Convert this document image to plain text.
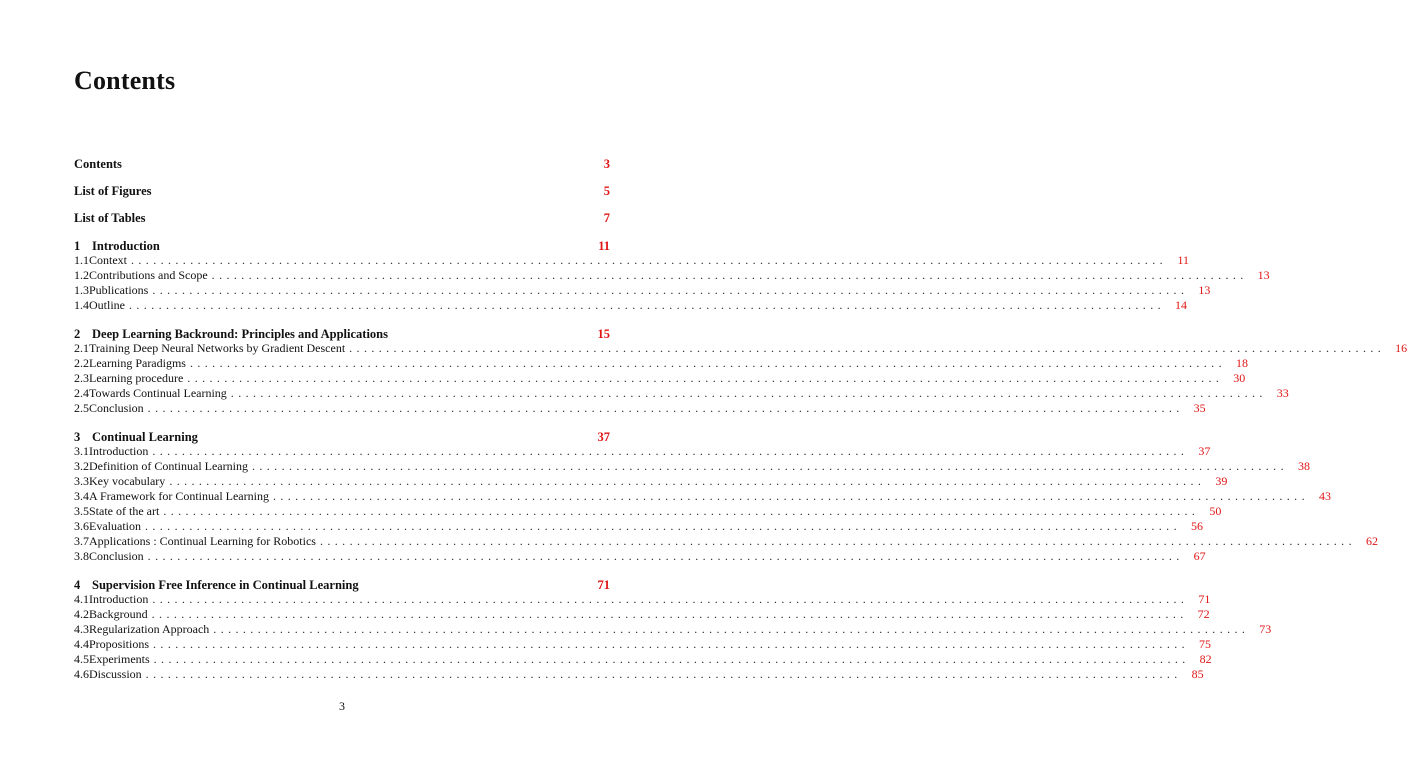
Contents
Contents	3
List of Figures	5
List of Tables	7
1 Introduction	11
1.1 Context ............................................................................................................................................ 11
1.2 Contributions and Scope ............................................................................................................................................ 13
1.3 Publications ............................................................................................................................................ 13
1.4 Outline ............................................................................................................................................ 14
2 Deep Learning Backround: Principles and Applications	15
2.1 Training Deep Neural Networks by Gradient Descent ............................................................................................................................................ 16
2.2 Learning Paradigms ............................................................................................................................................ 18
2.3 Learning procedure ............................................................................................................................................ 30
2.4 Towards Continual Learning ............................................................................................................................................ 33
2.5 Conclusion ............................................................................................................................................ 35
3 Continual Learning	37
3.1 Introduction ............................................................................................................................................ 37
3.2 Definition of Continual Learning ............................................................................................................................................ 38
3.3 Key vocabulary ............................................................................................................................................ 39
3.4 A Framework for Continual Learning ............................................................................................................................................ 43
3.5 State of the art ............................................................................................................................................ 50
3.6 Evaluation ............................................................................................................................................ 56
3.7 Applications : Continual Learning for Robotics ............................................................................................................................................ 62
3.8 Conclusion ............................................................................................................................................ 67
4 Supervision Free Inference in Continual Learning	71
4.1 Introduction ............................................................................................................................................ 71
4.2 Background ............................................................................................................................................ 72
4.3 Regularization Approach ............................................................................................................................................ 73
4.4 Propositions ............................................................................................................................................ 75
4.5 Experiments ............................................................................................................................................ 82
4.6 Discussion ............................................................................................................................................ 85
3
